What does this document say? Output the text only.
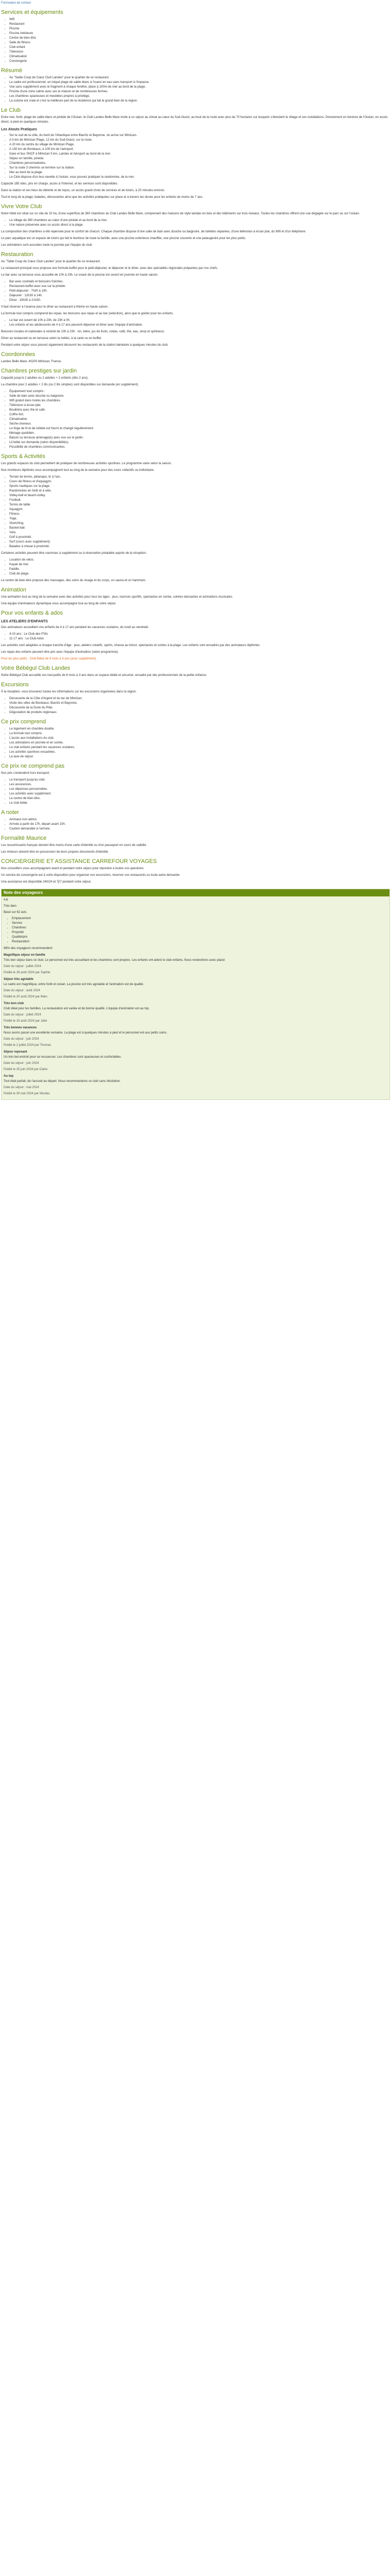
Formulaire de contact

Services et équipements
• Wifi
• Restaurant
• Piscine
• Piscine intérieure
• Centre de bien-être
• Salle de fitness
• Club enfant
• Télévision
• Climatisation
• Conciergerie
Résumé
• Au "Sable Coup de Cœur Club Landes" pour le quartier de ce restaurant.
• Le cadre est professionnel, un lotqué plage de sable blanc à l'ouest en eau sans transport à l'impasse.
• Vue sans supplément avec le fragment à chaque fenêtre, place à 100m de mer au bord de la plage.
• Proche d'une zone calme avec ses le maison et de nombreuses fermes.
• Les chambres spacieuses et meublées propres à privilège.
• La cuisine est vraie et c'est la meilleure part de la résidence qui fait le grand bien de la région.
Le Club

Entre mer, forêt, plage de sable blanc et pinède de l'Océan, le Club Landes Belle Mare invite à un séjour au climat au cœur du Sud-Ouest, au bout de la route avec plus de 70 hectares sur lesquels s'étendent le village et ses installations. Directement en bordure de l'Océan, en accès direct, à pied en quelques minutes.

Les Atouts Pratiques
• Sur le sud de la côte, du bord de l'Atlantique entre Biarritz et Bayonne, on arrive sur Mimizan.
• A 5 km de Mimizan Plage, 12 km du Sud-Ouest, sur la route.
• A 20 km du centre du village de Mimizan Plage.
• A 130 km de Bordeaux, à 105 km de l'aéroport.
• Gare et bus SNCF à Mimizan 5 km, Landes et Aéroport au bord de la mer.
• Séjour en famille, pinède.
• Chambres personnalisées.
• Sur la route 3 chemins se termine sur la station.
• Mer au bord de la plage.
• Le Club dispose d'un bus navette à l'océan, vous pouvez pratiquer la randonnée, de la mer.

Capacité 185 sites, pris en charge, accès à l'Internet, et les services sont disponibles.

Dans la station et ses lieux de détente et de repos, un accès grand choix de services et de loisirs, à 20 minutes environ.

Tout le long de la plage, balades, découvertes ainsi que les activités pratiquées sur place et à travers les dunes pour les enfants de moins de 7 ans.

Vivre Votre Club

Notre hôtel est situé sur un site de 10 ha, d'une superficie de 360 chambres du Club Landes Belle Mare, comprenant des maisons de style landais en bois et des bâtiments sur trois niveaux. Toutes les chambres offrent une vue dégagée sur le parc ou sur l'océan.

• Le village de 360 chambres au cœur d'une pinède et au bord de la mer.
• Une nature préservée avec un accès direct à la plage.

La composition des chambres a été repensée pour le confort de chacun. Chaque chambre dispose d'une salle de bain avec douche ou baignoire, de toilettes séparées, d'une télévision à écran plat, du Wifi et d'un téléphone.

Le parc aquatique est un espace de loisirs qui fait le bonheur de toute la famille, avec une piscine extérieure chauffée, une piscine couverte et une pataugeoire pour les plus petits.

Les animations sont assurées toute la journée par l'équipe du club.

Restauration

Au "Table Coup de Cœur Club Landes" pour le quartier de ce restaurant.

Le restaurant principal vous propose une formule buffet pour le petit-déjeuner, le déjeuner et le dîner, avec des spécialités régionales préparées par nos chefs.

Le bar avec sa terrasse vous accueille de 10h à 23h. Le snack de la piscine est ouvert en journée en haute saison.

• Bar avec cocktails et boissons fraîches.
• Restaurant-buffet avec vue sur la pinède.
• Petit-déjeuner : 7h30 à 10h.
• Déjeuner : 12h30 à 14h.
• Dîner : 19h30 à 21h30.

Il faut réserver à l'avance pour le dîner au restaurant à thème en haute saison.

La formule tout compris comprend les repas, les boissons aux repas et au bar (sélection), ainsi que le goûter pour les enfants.

• Le bar est ouvert de 10h à 23h, de 23h à 0h.
• Les enfants et les adolescents de 4 à 17 ans peuvent déjeuner et dîner avec l'équipe d'animation.

Boissons locales et nationales à volonté de 10h à 23h : vin, bière, jus de fruits, sodas, café, thé, eau, sirop et spiritueux.

Dîner au restaurant ou en terrasse selon la météo, à la carte ou en buffet.

Pendant votre séjour vous pouvez également découvrir les restaurants de la station balnéaire à quelques minutes du club.

Coordonnées

Landes Belle Mare, 40200 Mimizan, France.

Chambres prestiges sur jardin

Capacité jusqu'à 2 adultes ou 2 adultes + 2 enfants (dès 2 ans).

La chambre pour 2 adultes + 2 lits (ou 2 lits simples) sont disponibles sur demande (en supplément).

• Équipement tout compris :
• Salle de bain avec douche ou baignoire.
• Wifi gratuit dans toutes les chambres.
• Télévision à écran plat.
• Bouilloire avec thé et café.
• Coffre-fort.
• Climatisation.
• Sèche-cheveux.
• Le linge de lit et de toilette est fourni et changé régulièrement.
• Ménage quotidien.
• Balcon ou terrasse aménagé(e) avec vue sur le jardin.
• Lit bébé sur demande (selon disponibilités).
• Possibilité de chambres communicantes.
Sports & Activités

Les grands espaces du club permettent de pratiquer de nombreuses activités sportives. Le programme varie selon la saison.

Nos moniteurs diplômés vous accompagnent tout au long de la semaine pour des cours collectifs ou individuels.

• Terrain de tennis, pétanque, tir à l'arc.
• Cours de fitness et d'aquagym.
• Sports nautiques sur la plage.
• Randonnées en forêt et à vélo.
• Volley-ball et beach-volley.
• Football.
• Tennis de table.
• Aquagym.
• Fitness.
• Yoga.
• Stretching.
• Basket-ball.
• Vélo.
• Golf à proximité.
• Surf (cours avec supplément).
• Balades à cheval à proximité.

Certaines activités peuvent être soumises à supplément ou à réservation préalable auprès de la réception.

• Location de vélos.
• Kayak de mer.
• Paddle.
• Club de plage.

Le centre de bien-être propose des massages, des soins du visage et du corps, un sauna et un hammam.

Animation

Une animation tout au long de la semaine avec des activités pour tous les âges : jeux, tournois sportifs, spectacles en soirée, soirées dansantes et animations musicales.

Une équipe d'animateurs dynamique vous accompagne tout au long de votre séjour.

Pour vos enfants & ados
LES ATELIERS D'ENFANTS

Des animateurs accueillent vos enfants de 4 à 17 ans pendant les vacances scolaires, du lundi au vendredi.

• 4-10 ans : Le Club des P'tits
• 11-17 ans : Le Club Ados

Les activités sont adaptées à chaque tranche d'âge : jeux, ateliers créatifs, sports, chasse au trésor, spectacles et sorties à la plage. Les enfants sont encadrés par des animateurs diplômés.

Les repas des enfants peuvent être pris avec l'équipe d'animation (selon programme).

Pour les plus petits : Club Bébé de 6 mois à 3 ans (avec supplément).

Votre Bébégul Club Landes

Notre Bébégul Club accueille vos tout-petits de 6 mois à 3 ans dans un espace dédié et sécurisé, encadré par des professionnels de la petite enfance.

Excursions

À la réception, vous trouverez toutes les informations sur les excursions organisées dans la région.

• Découverte de la Côte d'Argent et du lac de Mimizan.
• Visite des villes de Bordeaux, Biarritz et Bayonne.
• Découverte de la Dune du Pilat.
• Dégustation de produits régionaux.
Ce prix comprend
• Le logement en chambre double.
• La formule tout compris.
• L'accès aux installations du club.
• Les animations en journée et en soirée.
• Le club enfants pendant les vacances scolaires.
• Les activités sportives encadrées.
• La taxe de séjour.
Ce prix ne comprend pas

Nos prix s'entendent hors transport.

• Le transport jusqu'au club.
• Les assurances.
• Les dépenses personnelles.
• Les activités avec supplément.
• Le centre de bien-être.
• Le club bébé.
A noter
• Animaux non admis.
• Arrivée à partir de 17h, départ avant 10h.
• Caution demandée à l'arrivée.
Formalité Maurice

Les ressortissants français doivent être munis d'une carte d'identité ou d'un passeport en cours de validité.

Les mineurs doivent être en possession de leurs propres documents d'identité.

CONCIERGERIE ET ASSISTANCE CARREFOUR VOYAGES

Nos conseillers vous accompagnent avant et pendant votre séjour pour répondre à toutes vos questions.

Un service de conciergerie est à votre disposition pour organiser vos excursions, réserver vos restaurants ou toute autre demande.

Une assistance est disponible 24h/24 et 7j/7 pendant votre séjour.

Note des voyageurs

4,6

Très bien

Basé sur 62 avis

• Emplacement
• Service
• Chambres
• Propreté
• Qualité/prix
• Restauration

98% des voyageurs recommandent

Magnifique séjour en famille

Très bon séjour dans ce club. Le personnel est très accueillant et les chambres sont propres. Les enfants ont adoré le club enfants. Nous reviendrons avec plaisir.

Date du séjour : juillet 2024

Publié le 28 août 2024 par Sophie

Séjour très agréable

Le cadre est magnifique, entre forêt et océan. La piscine est très agréable et l'animation est de qualité.

Date du séjour : août 2024

Publié le 20 août 2024 par Marc

Très bon club

Club idéal pour les familles. La restauration est variée et de bonne qualité. L'équipe d'animation est au top.

Date du séjour : juillet 2024

Publié le 15 août 2024 par Julie

Très bonnes vacances

Nous avons passé une excellente semaine. La plage est à quelques minutes à pied et le personnel est aux petits soins.

Date du séjour : juin 2024

Publié le 2 juillet 2024 par Thomas

Séjour reposant

Un très bel endroit pour se ressourcer. Les chambres sont spacieuses et confortables.

Date du séjour : juin 2024

Publié le 25 juin 2024 par Claire

Au top

Tout était parfait, de l'accueil au départ. Nous recommandons ce club sans hésitation.

Date du séjour : mai 2024

Publié le 30 mai 2024 par Nicolas
